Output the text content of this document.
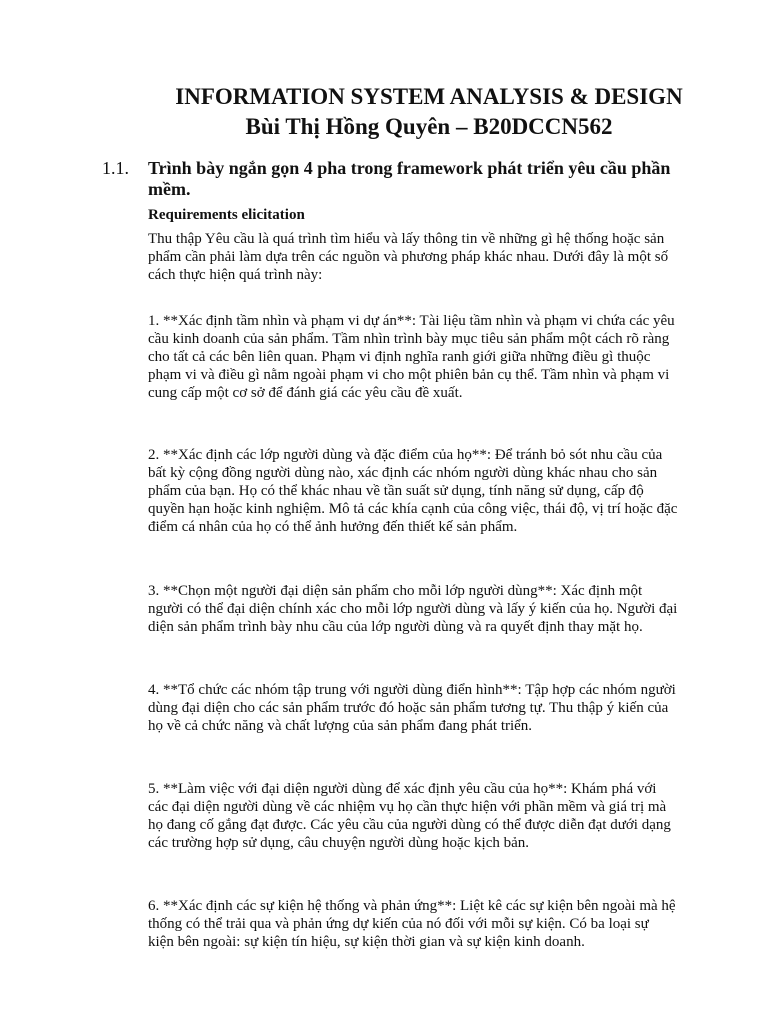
INFORMATION SYSTEM ANALYSIS & DESIGN
Bùi Thị Hồng Quyên – B20DCCN562
1.1. Trình bày ngắn gọn 4 pha trong framework phát triển yêu cầu phần mềm.
Requirements elicitation

Thu thập Yêu cầu là quá trình tìm hiểu và lấy thông tin về những gì hệ thống hoặc sản phẩm cần phải làm dựa trên các nguồn và phương pháp khác nhau. Dưới đây là một số cách thực hiện quá trình này:

1. **Xác định tầm nhìn và phạm vi dự án**: Tài liệu tầm nhìn và phạm vi chứa các yêu cầu kinh doanh của sản phẩm. Tầm nhìn trình bày mục tiêu sản phẩm một cách rõ ràng cho tất cả các bên liên quan. Phạm vi định nghĩa ranh giới giữa những điều gì thuộc phạm vi và điều gì nằm ngoài phạm vi cho một phiên bản cụ thể. Tầm nhìn và phạm vi cung cấp một cơ sở để đánh giá các yêu cầu đề xuất.

2. **Xác định các lớp người dùng và đặc điểm của họ**: Để tránh bỏ sót nhu cầu của bất kỳ cộng đồng người dùng nào, xác định các nhóm người dùng khác nhau cho sản phẩm của bạn. Họ có thể khác nhau về tần suất sử dụng, tính năng sử dụng, cấp độ quyền hạn hoặc kinh nghiệm. Mô tả các khía cạnh của công việc, thái độ, vị trí hoặc đặc điểm cá nhân của họ có thể ảnh hưởng đến thiết kế sản phẩm.

3. **Chọn một người đại diện sản phẩm cho mỗi lớp người dùng**: Xác định một người có thể đại diện chính xác cho mỗi lớp người dùng và lấy ý kiến của họ. Người đại diện sản phẩm trình bày nhu cầu của lớp người dùng và ra quyết định thay mặt họ.

4. **Tổ chức các nhóm tập trung với người dùng điển hình**: Tập hợp các nhóm người dùng đại diện cho các sản phẩm trước đó hoặc sản phẩm tương tự. Thu thập ý kiến của họ về cả chức năng và chất lượng của sản phẩm đang phát triển.

5. **Làm việc với đại diện người dùng để xác định yêu cầu của họ**: Khám phá với các đại diện người dùng về các nhiệm vụ họ cần thực hiện với phần mềm và giá trị mà họ đang cố gắng đạt được. Các yêu cầu của người dùng có thể được diễn đạt dưới dạng các trường hợp sử dụng, câu chuyện người dùng hoặc kịch bản.

6. **Xác định các sự kiện hệ thống và phản ứng**: Liệt kê các sự kiện bên ngoài mà hệ thống có thể trải qua và phản ứng dự kiến của nó đối với mỗi sự kiện. Có ba loại sự kiện bên ngoài: sự kiện tín hiệu, sự kiện thời gian và sự kiện kinh doanh.
